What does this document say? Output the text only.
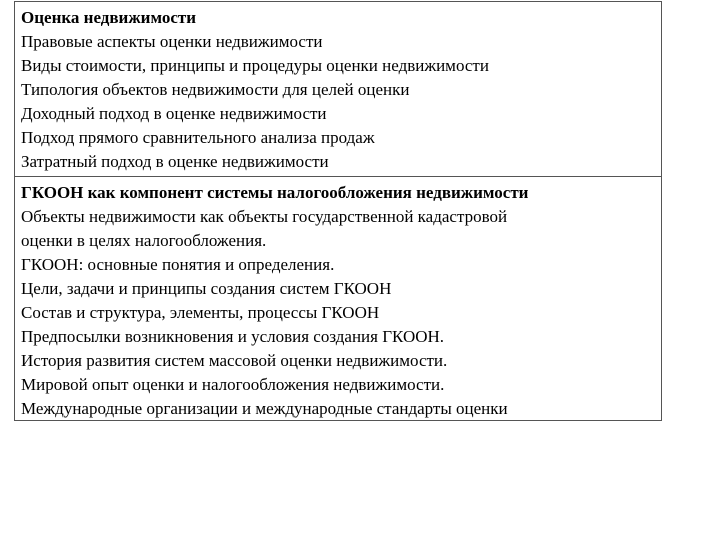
Оценка недвижимости
Правовые аспекты оценки недвижимости
Виды стоимости, принципы и процедуры оценки недвижимости
Типология объектов недвижимости для целей оценки
Доходный подход в оценке недвижимости
Подход прямого сравнительного анализа продаж
Затратный подход в оценке недвижимости
ГКООН как компонент системы налогообложения недвижимости
Объекты недвижимости как объекты государственной кадастровой
оценки в целях налогообложения.
ГКООН: основные понятия и определения.
Цели, задачи и принципы создания систем ГКООН
Состав и структура, элементы, процессы ГКООН
Предпосылки возникновения и условия создания ГКООН.
История развития систем массовой оценки недвижимости.
Мировой опыт оценки и налогообложения недвижимости.
Международные организации и международные стандарты оценки
